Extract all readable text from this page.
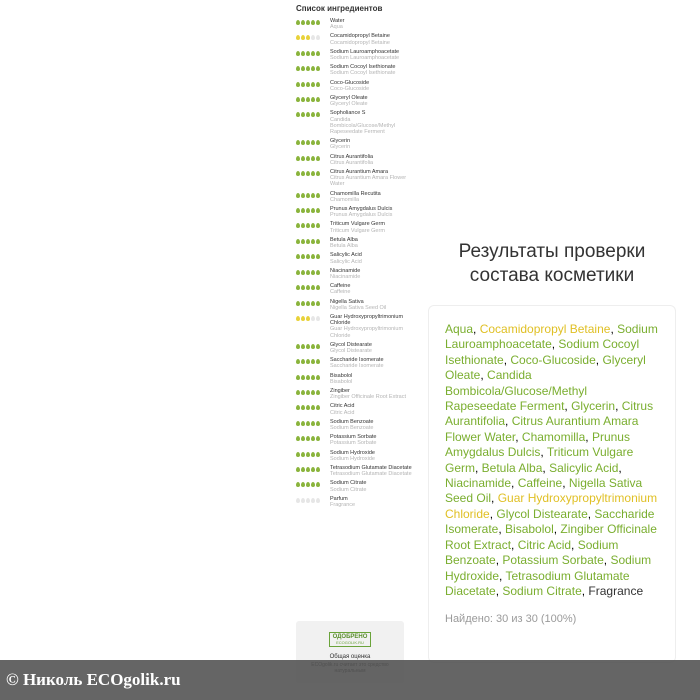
Список ингредиентов
Water
Aqua
Cocamidopropyl Betaine
Cocamidopropyl Betaine
Sodium Lauroamphoacetate
Sodium Lauroamphoacetate
Sodium Cocoyl Isethionate
Sodium Cocoyl Isethionate
Coco-Glucoside
Coco-Glucoside
Glyceryl Oleate
Glyceryl Oleate
Sopholiance S
Candida Bombicola/Glucose/Methyl Rapeseedate Ferment
Glycerin
Glycerin
Citrus Aurantifolia
Citrus Aurantifolia
Citrus Aurantium Amara
Citrus Aurantium Amara Flower Water
Chamomilla Recutita
Chamomilla
Prunus Amygdalus Dulcis
Prunus Amygdalus Dulcis
Triticum Vulgare Germ
Triticum Vulgare Germ
Betula Alba
Betula Alba
Salicylic Acid
Salicylic Acid
Niacinamide
Niacinamide
Caffeine
Caffeine
Nigella Sativa
Nigella Sativa Seed Oil
Guar Hydroxypropyltrimonium Chloride
Guar Hydroxypropyltrimonium Chloride
Glycol Distearate
Glycol Distearate
Saccharide Isomerate
Saccharide Isomerate
Bisabolol
Bisabolol
Zingiber
Zingiber Officinale Root Extract
Citric Acid
Citric Acid
Sodium Benzoate
Sodium Benzoate
Potassium Sorbate
Potassium Sorbate
Sodium Hydroxide
Sodium Hydroxide
Tetrasodium Glutamate Diacetate
Tetrasodium Glutamate Diacetate
Sodium Citrate
Sodium Citrate
Parfum
Fragrance
ОДОБРЕНО
ECOGOLIK.RU
Общая оценка
Результаты проверки состава косметики
Aqua, Cocamidopropyl Betaine, Sodium Lauroamphoacetate, Sodium Cocoyl Isethionate, Coco-Glucoside, Glyceryl Oleate, Candida Bombicola/Glucose/Methyl Rapeseedate Ferment, Glycerin, Citrus Aurantifolia, Citrus Aurantium Amara Flower Water, Chamomilla, Prunus Amygdalus Dulcis, Triticum Vulgare Germ, Betula Alba, Salicylic Acid, Niacinamide, Caffeine, Nigella Sativa Seed Oil, Guar Hydroxypropyltrimonium Chloride, Glycol Distearate, Saccharide Isomerate, Bisabolol, Zingiber Officinale Root Extract, Citric Acid, Sodium Benzoate, Potassium Sorbate, Sodium Hydroxide, Tetrasodium Glutamate Diacetate, Sodium Citrate, Fragrance
Найдено: 30 из 30 (100%)
© Николь ECOgolik.ru
